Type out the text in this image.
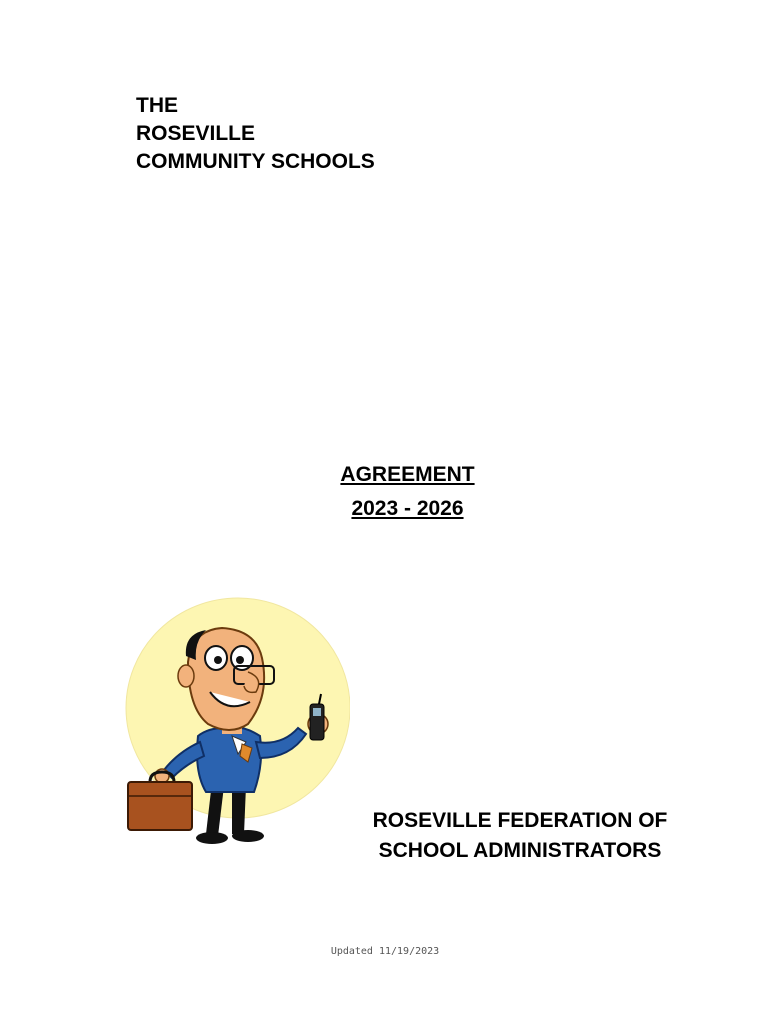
THE
ROSEVILLE
COMMUNITY SCHOOLS
AGREEMENT
2023 - 2026
ROSEVILLE FEDERATION OF
SCHOOL ADMINISTRATORS
Updated 11/19/2023
